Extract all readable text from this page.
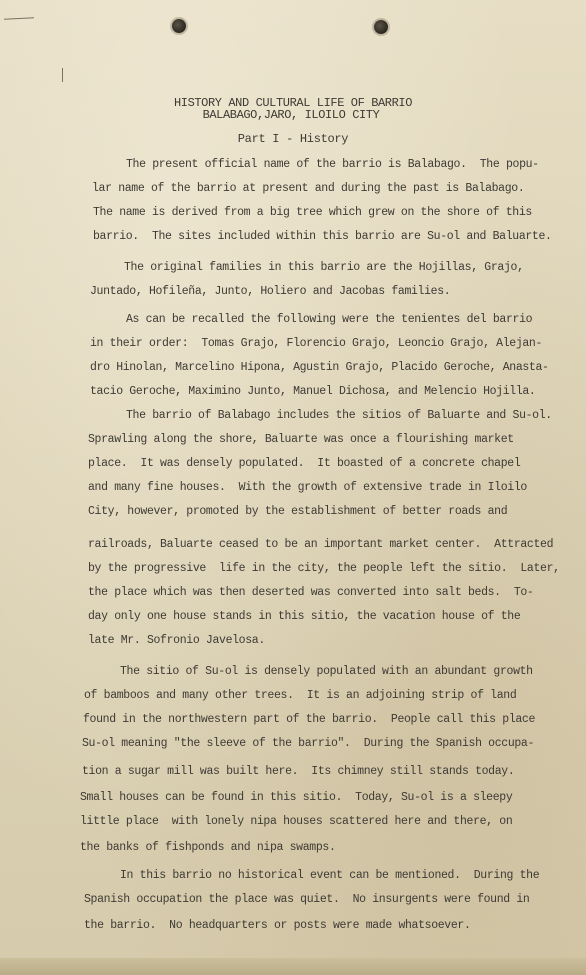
HISTORY AND CULTURAL LIFE OF BARRIO
BALABAGO,JARO, ILOILO CITY
Part I - History
The present official name of the barrio is Balabago.  The popu-
lar name of the barrio at present and during the past is Balabago.
The name is derived from a big tree which grew on the shore of this
barrio.  The sites included within this barrio are Su-ol and Baluarte.
The original families in this barrio are the Hojillas, Grajo,
Juntado, Hofileña, Junto, Holiero and Jacobas families.
As can be recalled the following were the tenientes del barrio
in their order:  Tomas Grajo, Florencio Grajo, Leoncio Grajo, Alejan-
dro Hinolan, Marcelino Hipona, Agustin Grajo, Placido Geroche, Anasta-
tacio Geroche, Maximino Junto, Manuel Dichosa, and Melencio Hojilla.
The barrio of Balabago includes the sitios of Baluarte and Su-ol.
Sprawling along the shore, Baluarte was once a flourishing market
place.  It was densely populated.  It boasted of a concrete chapel
and many fine houses.  With the growth of extensive trade in Iloilo
City, however, promoted by the establishment of better roads and
railroads, Baluarte ceased to be an important market center.  Attracted
by the progressive  life in the city, the people left the sitio.  Later,
the place which was then deserted was converted into salt beds.  To-
day only one house stands in this sitio, the vacation house of the
late Mr. Sofronio Javelosa.
The sitio of Su-ol is densely populated with an abundant growth
of bamboos and many other trees.  It is an adjoining strip of land
found in the northwestern part of the barrio.  People call this place
Su-ol meaning "the sleeve of the barrio".  During the Spanish occupa-
tion a sugar mill was built here.  Its chimney still stands today.
Small houses can be found in this sitio.  Today, Su-ol is a sleepy
little place  with lonely nipa houses scattered here and there, on
the banks of fishponds and nipa swamps.
In this barrio no historical event can be mentioned.  During the
Spanish occupation the place was quiet.  No insurgents were found in
the barrio.  No headquarters or posts were made whatsoever.
